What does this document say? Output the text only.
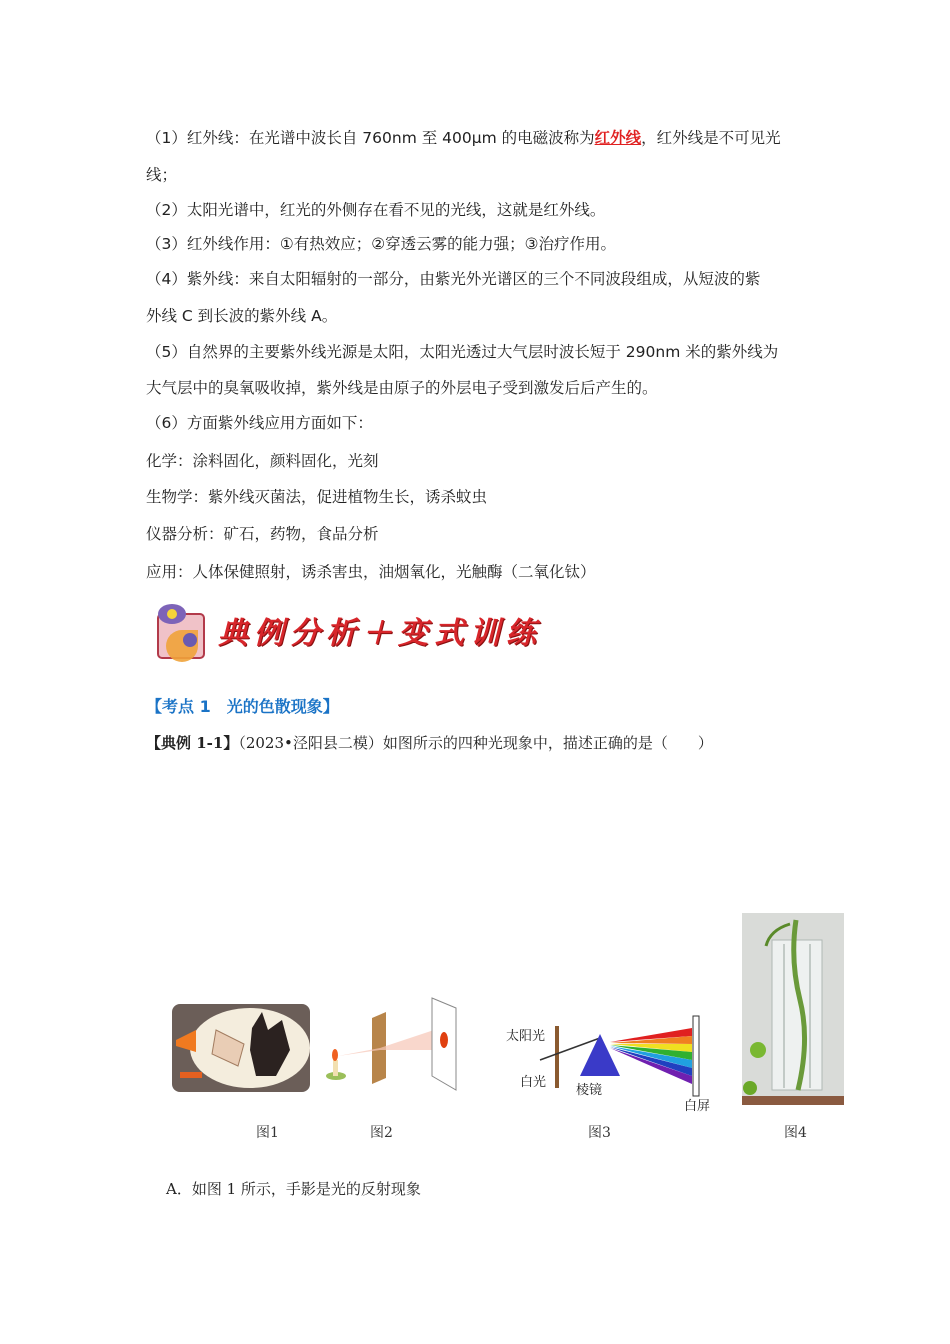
（1）红外线：在光谱中波长自 760nm 至 400μm 的电磁波称为红外线，红外线是不可见光
线；
（2）太阳光谱中，红光的外侧存在看不见的光线，这就是红外线。
（3）红外线作用：①有热效应；②穿透云雾的能力强；③治疗作用。
（4）紫外线：来自太阳辐射的一部分，由紫光外光谱区的三个不同波段组成，从短波的紫
外线 C 到长波的紫外线 A。
（5）自然界的主要紫外线光源是太阳，太阳光透过大气层时波长短于 290nm 米的紫外线为
大气层中的臭氧吸收掉，紫外线是由原子的外层电子受到激发后后产生的。
（6）方面紫外线应用方面如下：
化学：涂料固化，颜料固化，光刻
生物学：紫外线灭菌法，促进植物生长，诱杀蚊虫
仪器分析：矿石，药物，食品分析
应用：人体保健照射，诱杀害虫，油烟氧化，光触酶（二氧化钛）
典例分析＋变式训练
【考点 1　光的色散现象】
【典例 1-1】（2023•泾阳县二模）如图所示的四种光现象中，描述正确的是（　　）
太阳光
白光
棱镜
白屏
图1	图2	图3	图4
A．如图 1 所示，手影是光的反射现象
